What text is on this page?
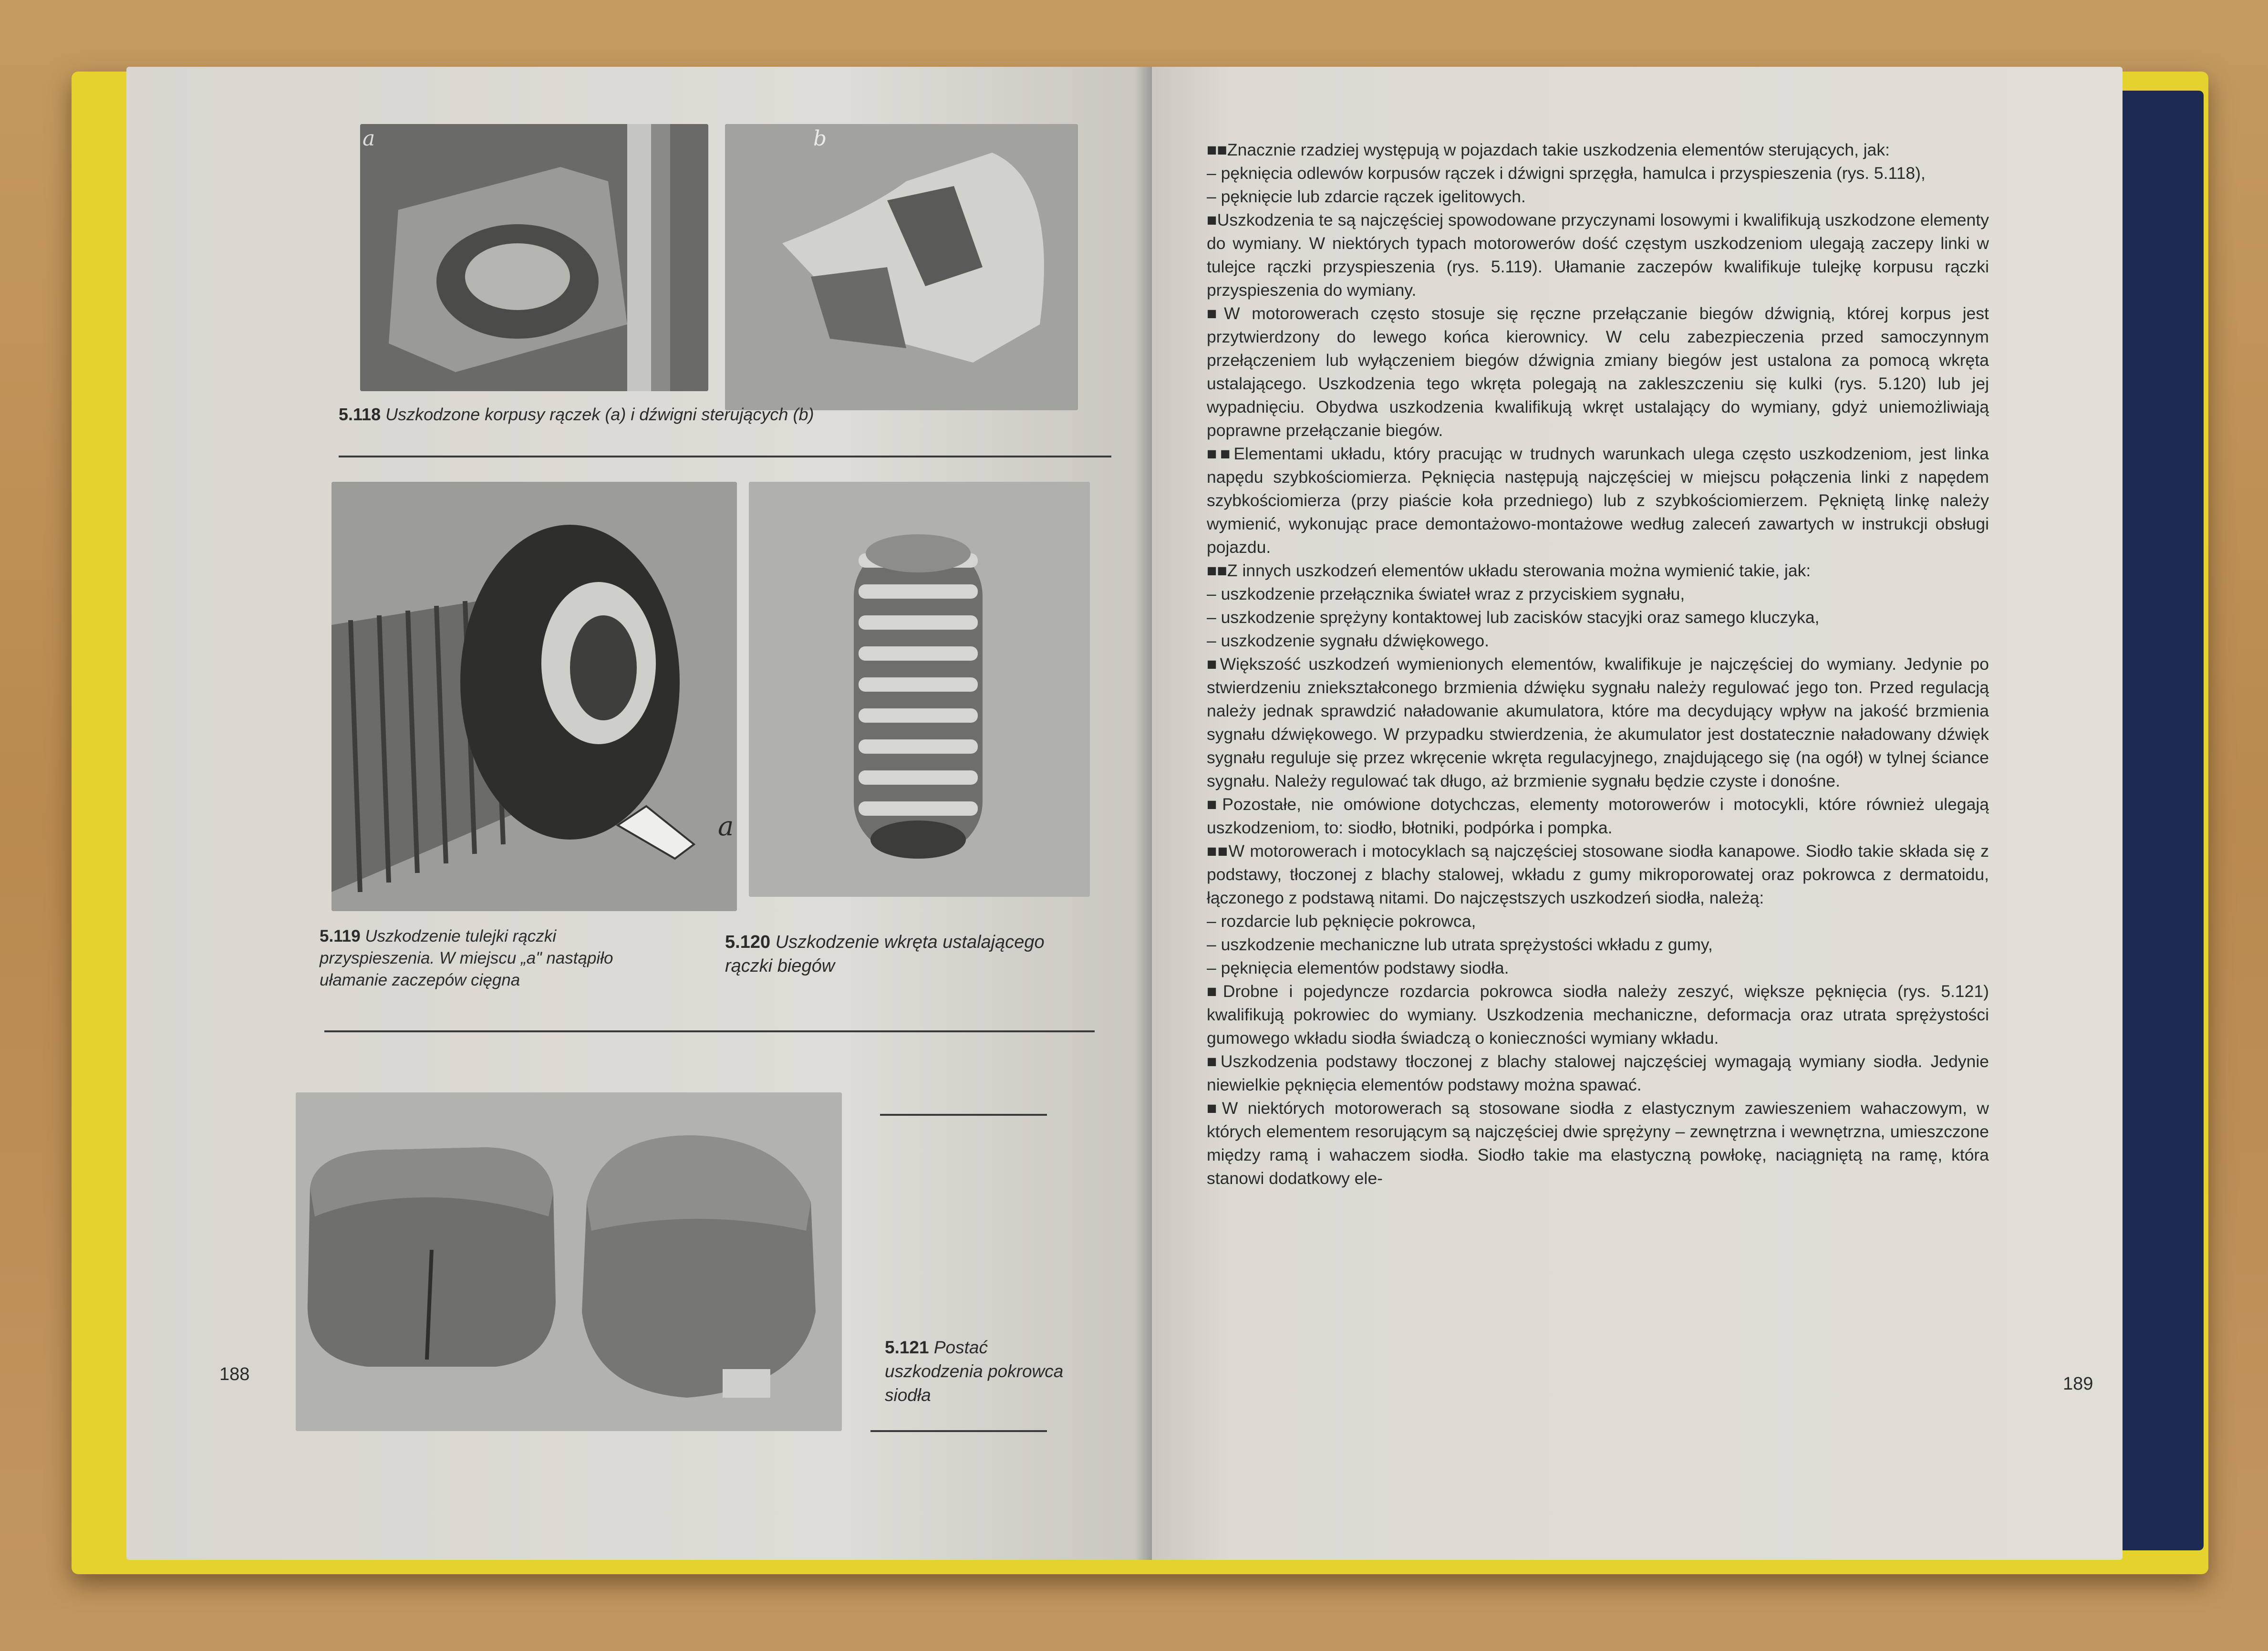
a	b
5.118 Uszkodzone korpusy rączek (a) i dźwigni sterujących (b)
a
5.119 Uszkodzenie tulejki rączki
przyspieszenia. W miejscu „a" nastąpiło
ułamanie zaczepów cięgna
5.120 Uszkodzenie wkręta ustalającego
rączki biegów
5.121 Postać
uszkodzenia pokrowca
siodła
188

■■ Znacznie rzadziej występują w pojazdach takie uszkodzenia elementów sterujących, jak:

– pęknięcia odlewów korpusów rączek i dźwigni sprzęgła, hamulca i przyspieszenia (rys. 5.118),

– pęknięcie lub zdarcie rączek igelitowych.

■ Uszkodzenia te są najczęściej spowodowane przyczynami losowymi i kwalifikują uszkodzone elementy do wymiany. W niektórych typach motorowerów dość częstym uszkodzeniom ulegają zaczepy linki w tulejce rączki przyspieszenia (rys. 5.119). Ułamanie zaczepów kwalifikuje tulejkę korpusu rączki przyspieszenia do wymiany.

■ W motorowerach często stosuje się ręczne przełączanie biegów dźwignią, której korpus jest przytwierdzony do lewego końca kierownicy. W celu zabezpieczenia przed samoczynnym przełączeniem lub wyłączeniem biegów dźwignia zmiany biegów jest ustalona za pomocą wkręta ustalającego. Uszkodzenia tego wkręta polegają na zakleszczeniu się kulki (rys. 5.120) lub jej wypadnięciu. Obydwa uszkodzenia kwalifikują wkręt ustalający do wymiany, gdyż uniemożliwiają poprawne przełączanie biegów.

■■ Elementami układu, który pracując w trudnych warunkach ulega często uszkodzeniom, jest linka napędu szybkościomierza. Pęknięcia następują najczęściej w miejscu połączenia linki z napędem szybkościomierza (przy piaście koła przedniego) lub z szybkościomierzem. Pękniętą linkę należy wymienić, wykonując prace demontażowo-montażowe według zaleceń zawartych w instrukcji obsługi pojazdu.

■■ Z innych uszkodzeń elementów układu sterowania można wymienić takie, jak:

– uszkodzenie przełącznika świateł wraz z przyciskiem sygnału,

– uszkodzenie sprężyny kontaktowej lub zacisków stacyjki oraz samego kluczyka,

– uszkodzenie sygnału dźwiękowego.

■ Większość uszkodzeń wymienionych elementów, kwalifikuje je najczęściej do wymiany. Jedynie po stwierdzeniu zniekształconego brzmienia dźwięku sygnału należy regulować jego ton. Przed regulacją należy jednak sprawdzić naładowanie akumulatora, które ma decydujący wpływ na jakość brzmienia sygnału dźwiękowego. W przypadku stwierdzenia, że akumulator jest dostatecznie naładowany dźwięk sygnału reguluje się przez wkręcenie wkręta regulacyjnego, znajdującego się (na ogół) w tylnej ściance sygnału. Należy regulować tak długo, aż brzmienie sygnału będzie czyste i donośne.

■ Pozostałe, nie omówione dotychczas, elementy motorowerów i motocykli, które również ulegają uszkodzeniom, to: siodło, błotniki, podpórka i pompka.

■■ W motorowerach i motocyklach są najczęściej stosowane siodła kanapowe. Siodło takie składa się z podstawy, tłoczonej z blachy stalowej, wkładu z gumy mikroporowatej oraz pokrowca z dermatoidu, łączonego z podstawą nitami. Do najczęstszych uszkodzeń siodła, należą:

– rozdarcie lub pęknięcie pokrowca,

– uszkodzenie mechaniczne lub utrata sprężystości wkładu z gumy,

– pęknięcia elementów podstawy siodła.

■ Drobne i pojedyncze rozdarcia pokrowca siodła należy zeszyć, większe pęknięcia (rys. 5.121) kwalifikują pokrowiec do wymiany. Uszkodzenia mechaniczne, deformacja oraz utrata sprężystości gumowego wkładu siodła świadczą o konieczności wymiany wkładu.

■ Uszkodzenia podstawy tłoczonej z blachy stalowej najczęściej wymagają wymiany siodła. Jedynie niewielkie pęknięcia elementów podstawy można spawać.

■ W niektórych motorowerach są stosowane siodła z elastycznym zawieszeniem wahaczowym, w których elementem resorującym są najczęściej dwie sprężyny – zewnętrzna i wewnętrzna, umieszczone między ramą i wahaczem siodła. Siodło takie ma elastyczną powłokę, naciągniętą na ramę, która stanowi dodatkowy ele-

189
